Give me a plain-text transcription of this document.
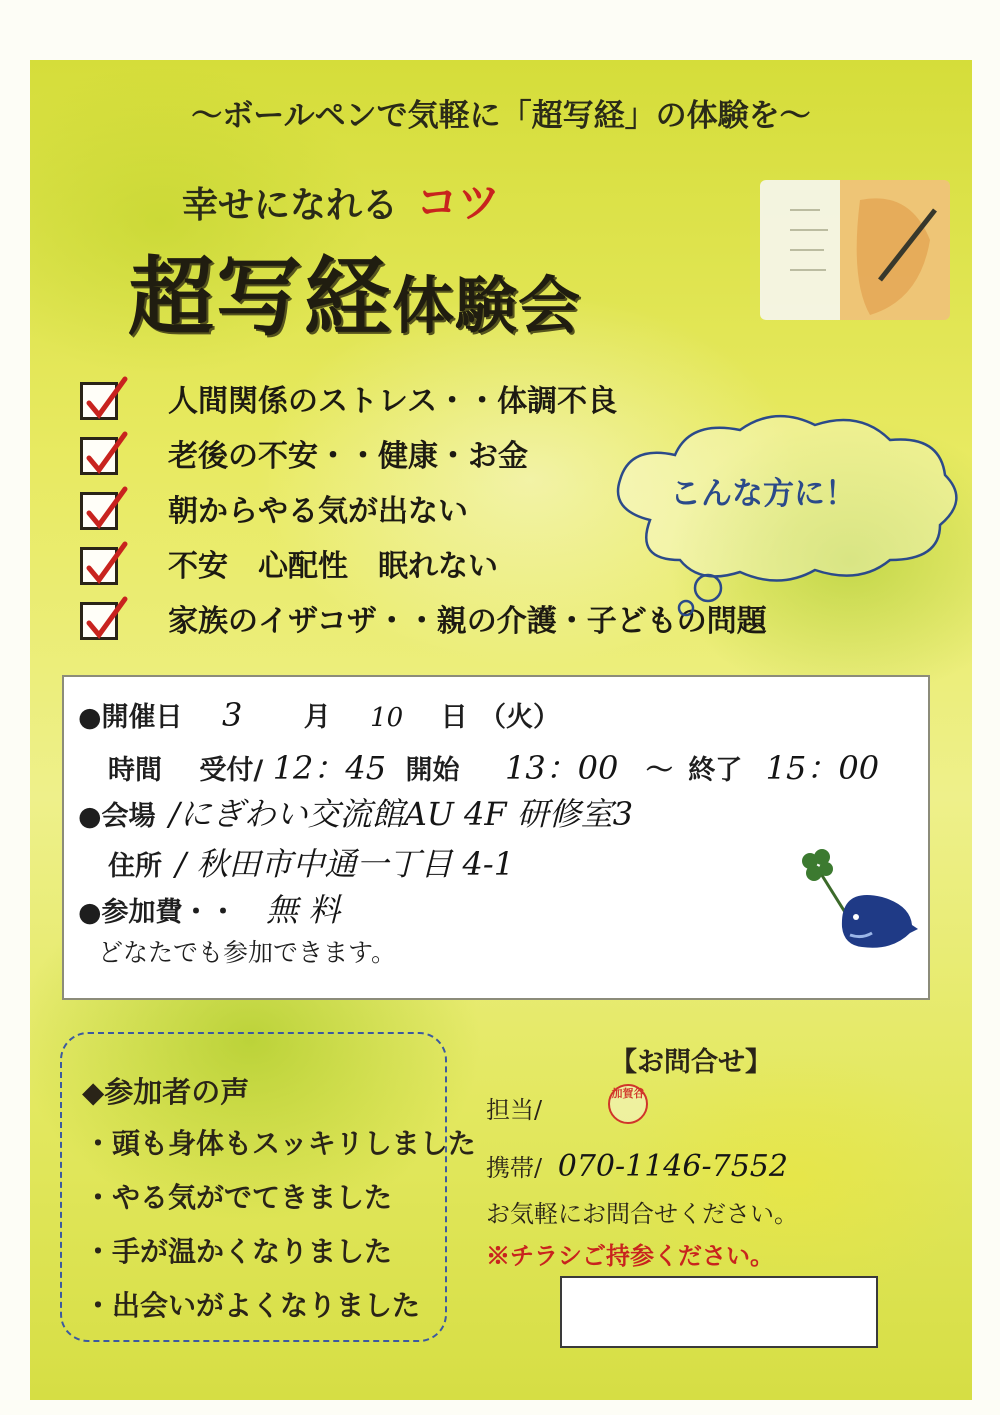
～ボールペンで気軽に「超写経」の体験を～
幸せになれる コツ
超写経体験会
人間関係のストレス・・体調不良
老後の不安・・健康・お金
朝からやる気が出ない
不安　心配性　眠れない
家族のイザコザ・・親の介護・子どもの問題
こんな方に！
●開催日 3 月 10 日 （火）
時間 受付/ 12：45 開始 13：00 ～ 終了 15：00
●会場 /にぎわい交流館AU 4F 研修室3
住所 / 秋田市中通一丁目 4-1
●参加費・・ 無 料
どなたでも参加できます。
◆参加者の声
・頭も身体もスッキリしました
・やる気がでてきました
・手が温かくなりました
・出会いがよくなりました
【お問合せ】
担当/
加賀谷
携帯/ 070-1146-7552
お気軽にお問合せください。
※チラシご持参ください。
